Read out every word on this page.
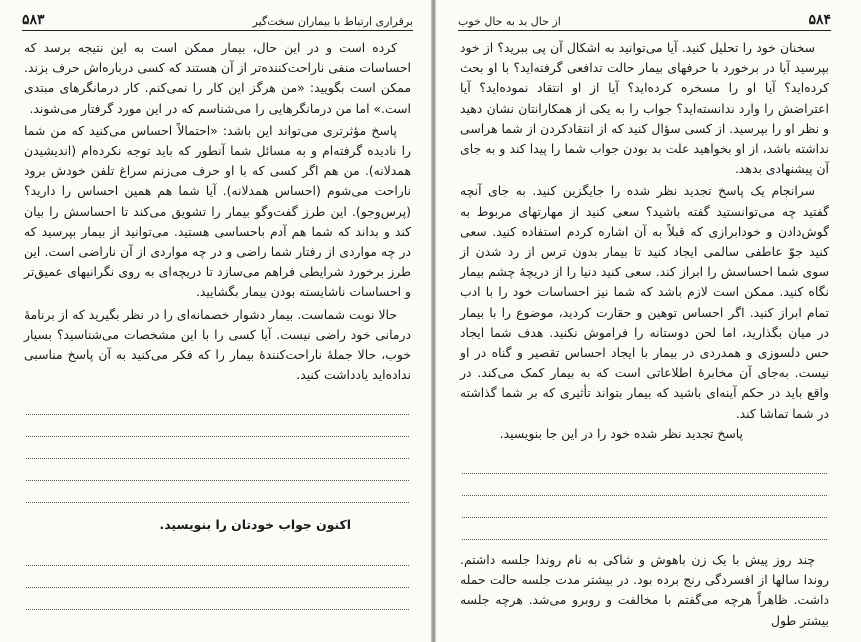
برقراری ارتباط با بیماران سخت‌گیر
۵۸۳

کرده است و در این حال، بیمار ممکن است به این نتیجه برسد که احساسات منفی ناراحت‌کننده‌تر از آن هستند که کسی درباره‌اش حرف بزند. ممکن است بگویید: «من هرگز این کار را نمی‌کنم. کار درمانگرهای مبتدی است.» اما من درمانگرهایی را می‌شناسم که در این مورد گرفتار می‌شوند.

پاسخ مؤثرتری می‌تواند این باشد: «احتمالاً احساس می‌کنید که من شما را نادیده گرفته‌ام و به مسائل شما آنطور که باید توجه نکرده‌ام (اندیشیدن همدلانه). من هم اگر کسی که با او حرف می‌زنم سراغ تلفن خودش برود ناراحت می‌شوم (احساس همدلانه). آیا شما هم همین احساس را دارید؟ (پرس‌وجو). این طرز گفت‌وگو بیمار را تشویق می‌کند تا احساسش را بیان کند و بداند که شما هم آدم باحساسی هستید. می‌توانید از بیمار بپرسید که در چه مواردی از رفتار شما راضی و در چه مواردی از آن ناراضی است. این طرز برخورد شرایطی فراهم می‌سازد تا دریچه‌ای به روی نگرانیهای عمیق‌تر و احساسات ناشایسته بودن بیمار بگشایید.

حالا نوبت شماست. بیمار دشوار خصمانه‌ای را در نظر بگیرید که از برنامهٔ درمانی خود راضی نیست. آیا کسی را با این مشخصات می‌شناسید؟ بسیار خوب، حالا جملهٔ ناراحت‌کنندهٔ بیمار را که فکر می‌کنید به آن پاسخ مناسبی نداده‌اید یادداشت کنید.

اکنون جواب خودتان را بنویسید.

۵۸۴
از حال بد به حال خوب

سخنان خود را تحلیل کنید. آیا می‌توانید به اشکال آن پی ببرید؟ از خود بپرسید آیا در برخورد با حرفهای بیمار حالت تدافعی گرفته‌اید؟ با او بحث کرده‌اید؟ آیا او را مسخره کرده‌اید؟ آیا از او انتقاد نموده‌اید؟ آیا اعتراضش را وارد ندانسته‌اید؟ جواب را به یکی از همکارانتان نشان دهید و نظر او را بپرسید. از کسی سؤال کنید که از انتقادکردن از شما هراسی نداشته باشد، از او بخواهید علت بد بودن جواب شما را پیدا کند و به جای آن پیشنهادی بدهد.

سرانجام یک پاسخ تجدید نظر شده را جایگزین کنید. به جای آنچه گفتید چه می‌توانستید گفته باشید؟ سعی کنید از مهارتهای مربوط به گوش‌دادن و خودابرازی که قبلاً به آن اشاره کردم استفاده کنید. سعی کنید جوّ عاطفی سالمی ایجاد کنید تا بیمار بدون ترس از رد شدن از سوی شما احساسش را ابراز کند. سعی کنید دنیا را از دریچهٔ چشم بیمار نگاه کنید. ممکن است لازم باشد که شما نیز احساسات خود را با ادب تمام ابراز کنید. اگر احساس توهین و حقارت کردید، موضوع را با بیمار در میان بگذارید، اما لحن دوستانه را فراموش نکنید. هدف شما ایجاد حس دلسوزی و همدردی در بیمار با ایجاد احساس تقصیر و گناه در او نیست. به‌جای آن مخابرهٔ اطلاعاتی است که به بیمار کمک می‌کند. در واقع باید در حکم آینه‌ای باشید که بیمار بتواند تأثیری که بر شما گذاشته در شما تماشا کند.

پاسخ تجدید نظر شده خود را در این جا بنویسید.

چند روز پیش با یک زن باهوش و شاکی به نام روندا جلسه داشتم. روندا سالها از افسردگی رنج برده بود. در بیشتر مدت جلسه حالت حمله داشت. ظاهراً هرچه می‌گفتم با مخالفت و روبرو می‌شد. هرچه جلسه بیشتر طول
